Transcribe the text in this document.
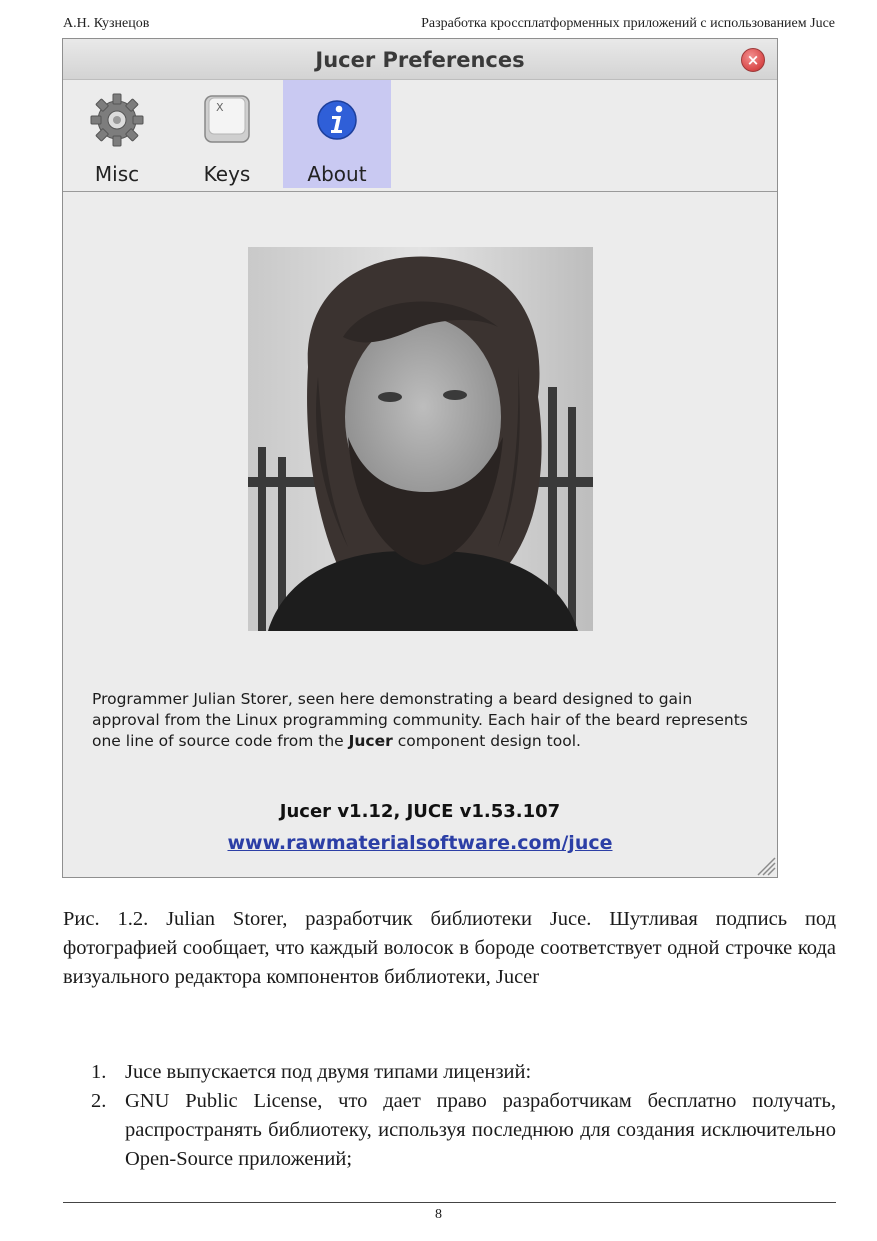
А.Н. Кузнецов	Разработка кроссплатформенных приложений с использованием Juce
Jucer Preferences	×
Misc
X
Keys	About
Programmer Julian Storer, seen here demonstrating a beard designed to gain approval from the Linux programming community. Each hair of the beard represents one line of source code from the Jucer component design tool.
Jucer v1.12, JUCE v1.53.107
www.rawmaterialsoftware.com/juce
Рис. 1.2. Julian Storer, разработчик библиотеки Juce. Шутливая подпись под фотографией сообщает, что каждый волосок в бороде соответствует одной строчке кода визуального редактора компонентов библиотеки, Jucer
1. Juce выпускается под двумя типами лицензий:
2. GNU Public License, что дает право разработчикам бесплатно получать, распространять библиотеку, используя последнюю для создания исключительно Open-Source приложений;
8
